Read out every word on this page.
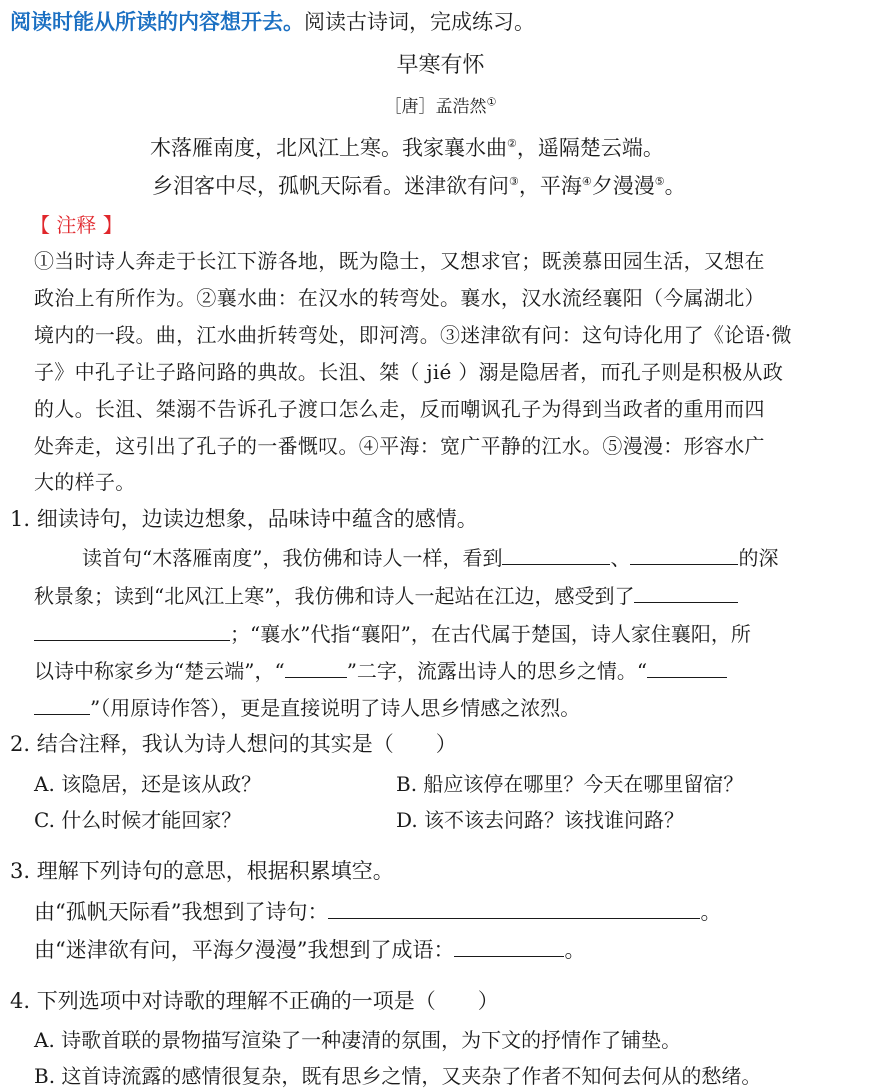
阅读时能从所读的内容想开去。阅读古诗词，完成练习。
早寒有怀
［唐］孟浩然①
木落雁南度，北风江上寒。我家襄水曲②，遥隔楚云端。
乡泪客中尽，孤帆天际看。迷津欲有问③，平海④夕漫漫⑤。
【 注释 】
①当时诗人奔走于长江下游各地，既为隐士，又想求官；既羡慕田园生活，又想在
政治上有所作为。②襄水曲：在汉水的转弯处。襄水，汉水流经襄阳（今属湖北）
境内的一段。曲，江水曲折转弯处，即河湾。③迷津欲有问：这句诗化用了《论语·微
子》中孔子让子路问路的典故。长沮、桀（ jié ）溺是隐居者，而孔子则是积极从政
的人。长沮、桀溺不告诉孔子渡口怎么走，反而嘲讽孔子为得到当政者的重用而四
处奔走，这引出了孔子的一番慨叹。④平海：宽广平静的江水。⑤漫漫：形容水广
大的样子。
1. 细读诗句，边读边想象，品味诗中蕴含的感情。
读首句“木落雁南度”，我仿佛和诗人一样，看到	、	的深
秋景象；读到“北风江上寒”，我仿佛和诗人一起站在江边，感受到了
；“襄水”代指“襄阳”，在古代属于楚国，诗人家住襄阳，所
以诗中称家乡为“楚云端”，“	”二字，流露出诗人的思乡之情。“
”（用原诗作答），更是直接说明了诗人思乡情感之浓烈。
2. 结合注释，我认为诗人想问的其实是（　　）
A. 该隐居，还是该从政？	B. 船应该停在哪里？今天在哪里留宿？
C. 什么时候才能回家？	D. 该不该去问路？该找谁问路？
3. 理解下列诗句的意思，根据积累填空。
由“孤帆天际看”我想到了诗句：	。
由“迷津欲有问，平海夕漫漫”我想到了成语：	。
4. 下列选项中对诗歌的理解不正确的一项是（　　）
A. 诗歌首联的景物描写渲染了一种凄清的氛围，为下文的抒情作了铺垫。
B. 这首诗流露的感情很复杂，既有思乡之情，又夹杂了作者不知何去何从的愁绪。
